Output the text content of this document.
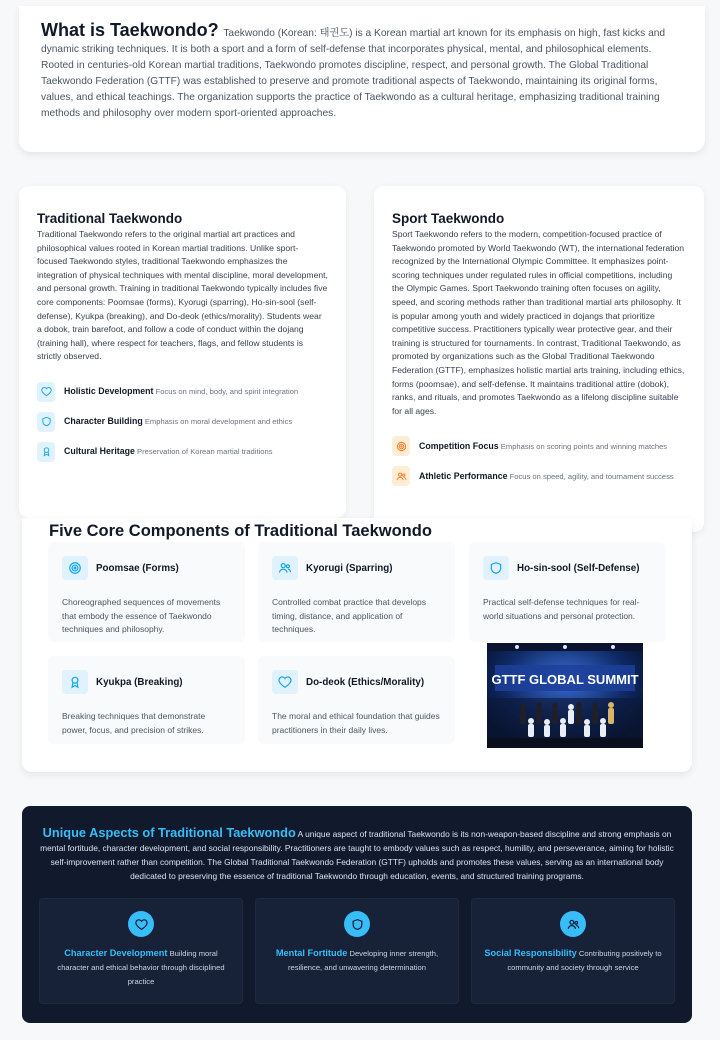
What is Taekwondo? Taekwondo (Korean: 태권도) is a Korean martial art known for its emphasis on high, fast kicks and dynamic striking techniques. It is both a sport and a form of self-defense that incorporates physical, mental, and philosophical elements. Rooted in centuries-old Korean martial traditions, Taekwondo promotes discipline, respect, and personal growth. The Global Traditional Taekwondo Federation (GTTF) was established to preserve and promote traditional aspects of Taekwondo, maintaining its original forms, values, and ethical teachings. The organization supports the practice of Taekwondo as a cultural heritage, emphasizing traditional training methods and philosophy over modern sport-oriented approaches.

Traditional Taekwondo

Traditional Taekwondo refers to the original martial art practices and philosophical values rooted in Korean martial traditions. Unlike sport-focused Taekwondo styles, traditional Taekwondo emphasizes the integration of physical techniques with mental discipline, moral development, and personal growth. Training in traditional Taekwondo typically includes five core components: Poomsae (forms), Kyorugi (sparring), Ho-sin-sool (self-defense), Kyukpa (breaking), and Do-deok (ethics/morality). Students wear a dobok, train barefoot, and follow a code of conduct within the dojang (training hall), where respect for teachers, flags, and fellow students is strictly observed.

Holistic Development Focus on mind, body, and spirit integration

Character Building Emphasis on moral development and ethics

Cultural Heritage Preservation of Korean martial traditions

Sport Taekwondo

Sport Taekwondo refers to the modern, competition-focused practice of Taekwondo promoted by World Taekwondo (WT), the international federation recognized by the International Olympic Committee. It emphasizes point-scoring techniques under regulated rules in official competitions, including the Olympic Games. Sport Taekwondo training often focuses on agility, speed, and scoring methods rather than traditional martial arts philosophy. It is popular among youth and widely practiced in dojangs that prioritize competitive success. Practitioners typically wear protective gear, and their training is structured for tournaments. In contrast, Traditional Taekwondo, as promoted by organizations such as the Global Traditional Taekwondo Federation (GTTF), emphasizes holistic martial arts training, including ethics, forms (poomsae), and self-defense. It maintains traditional attire (dobok), ranks, and rituals, and promotes Taekwondo as a lifelong discipline suitable for all ages.

Competition Focus Emphasis on scoring points and winning matches

Athletic Performance Focus on speed, agility, and tournament success

Five Core Components of Traditional Taekwondo
Poomsae (Forms)

Choreographed sequences of movements that embody the essence of Taekwondo techniques and philosophy.

Kyorugi (Sparring)

Controlled combat practice that develops timing, distance, and application of techniques.

Ho-sin-sool (Self-Defense)

Practical self-defense techniques for real-world situations and personal protection.

Kyukpa (Breaking)

Breaking techniques that demonstrate power, focus, and precision of strikes.

Do-deok (Ethics/Morality)

The moral and ethical foundation that guides practitioners in their daily lives.

GTTF GLOBAL SUMMIT

Unique Aspects of Traditional Taekwondo A unique aspect of traditional Taekwondo is its non-weapon-based discipline and strong emphasis on mental fortitude, character development, and social responsibility. Practitioners are taught to embody values such as respect, humility, and perseverance, aiming for holistic self-improvement rather than competition. The Global Traditional Taekwondo Federation (GTTF) upholds and promotes these values, serving as an international body dedicated to preserving the essence of traditional Taekwondo through education, events, and structured training programs.

Character Development Building moral character and ethical behavior through disciplined practice

Mental Fortitude Developing inner strength, resilience, and unwavering determination

Social Responsibility Contributing positively to community and society through service
